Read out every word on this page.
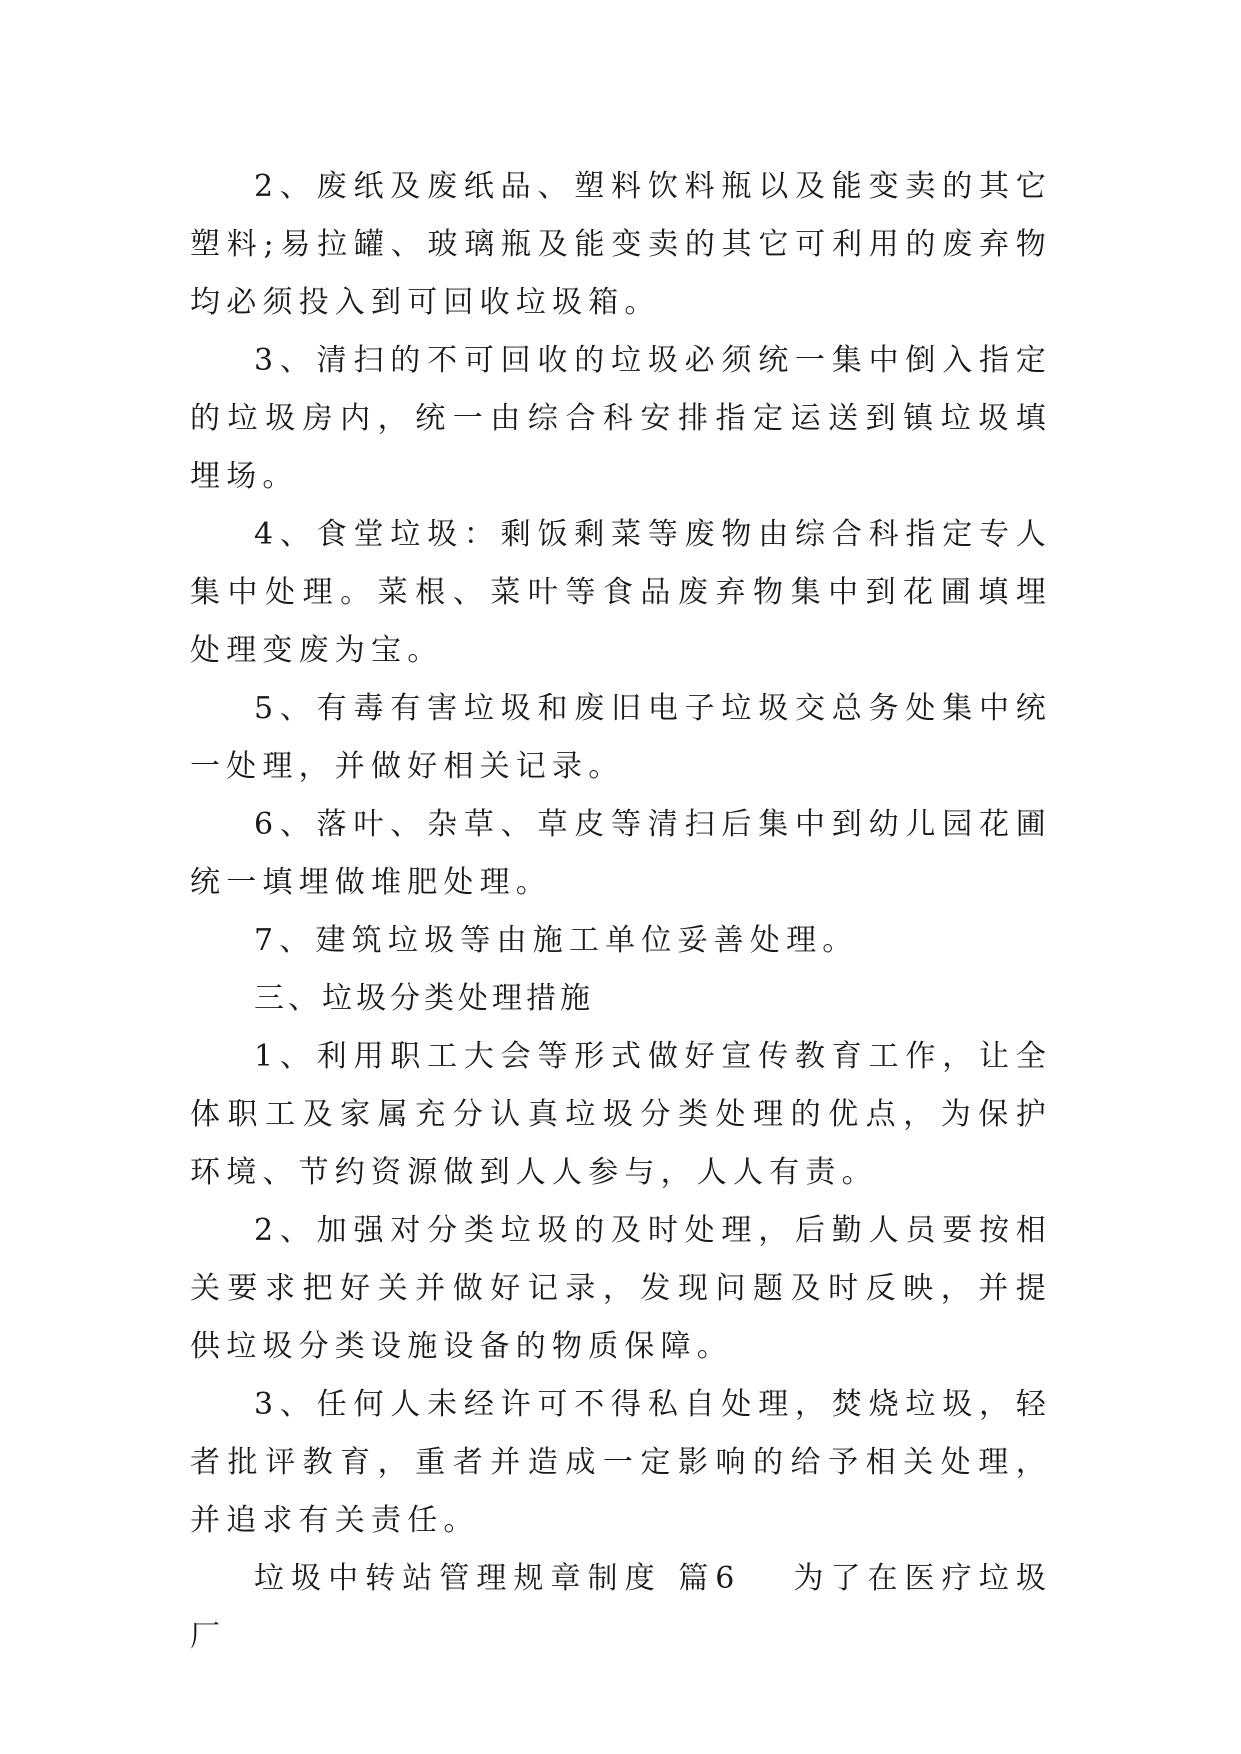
2、废纸及废纸品、塑料饮料瓶以及能变卖的其它塑料;易拉罐、玻璃瓶及能变卖的其它可利用的废弃物均必须投入到可回收垃圾箱。

3、清扫的不可回收的垃圾必须统一集中倒入指定的垃圾房内，统一由综合科安排指定运送到镇垃圾填埋场。

4、食堂垃圾：剩饭剩菜等废物由综合科指定专人集中处理。菜根、菜叶等食品废弃物集中到花圃填埋处理变废为宝。

5、有毒有害垃圾和废旧电子垃圾交总务处集中统一处理，并做好相关记录。

6、落叶、杂草、草皮等清扫后集中到幼儿园花圃统一填埋做堆肥处理。

7、建筑垃圾等由施工单位妥善处理。

三、垃圾分类处理措施

1、利用职工大会等形式做好宣传教育工作，让全体职工及家属充分认真垃圾分类处理的优点，为保护环境、节约资源做到人人参与，人人有责。

2、加强对分类垃圾的及时处理，后勤人员要按相关要求把好关并做好记录，发现问题及时反映，并提供垃圾分类设施设备的物质保障。

3、任何人未经许可不得私自处理，焚烧垃圾，轻者批评教育，重者并造成一定影响的给予相关处理，并追求有关责任。

垃圾中转站管理规章制度 篇6 为了在医疗垃圾厂
